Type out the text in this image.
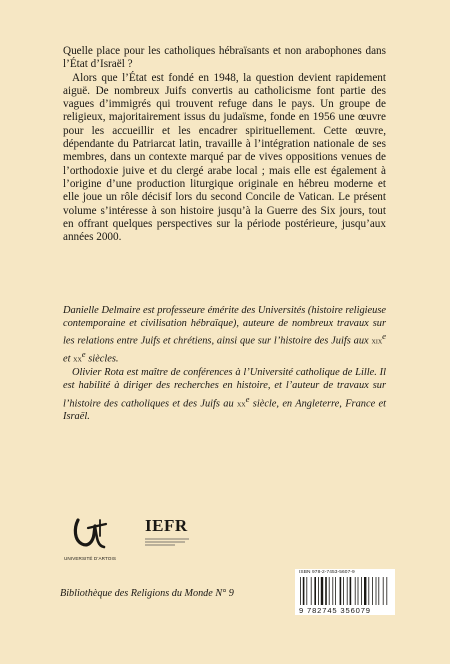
Quelle place pour les catholiques hébraïsants et non arabophones dans l’État d’Israël ?

Alors que l’État est fondé en 1948, la question devient rapidement aiguë. De nombreux Juifs convertis au catholicisme font partie des vagues d’immigrés qui trouvent refuge dans le pays. Un groupe de religieux, majoritairement issus du judaïsme, fonde en 1956 une œuvre pour les accueillir et les encadrer spirituellement. Cette œuvre, dépendante du Patriarcat latin, travaille à l’intégration nationale de ses membres, dans un contexte marqué par de vives oppositions venues de l’orthodoxie juive et du clergé arabe local ; mais elle est également à l’origine d’une production liturgique originale en hébreu moderne et elle joue un rôle décisif lors du second Concile de Vatican. Le présent volume s’intéresse à son histoire jusqu’à la Guerre des Six jours, tout en offrant quelques perspectives sur la période postérieure, jusqu’aux années 2000.

Danielle Delmaire est professeure émérite des Universités (histoire religieuse contemporaine et civilisation hébraïque), auteure de nombreux travaux sur les relations entre Juifs et chrétiens, ainsi que sur l’histoire des Juifs aux xix$^e$ et $xx^e$ siècles.

Olivier Rota est maître de conférences à l’Université catholique de Lille. Il est habilité à diriger des recherches en histoire, et l’auteur de travaux sur l’histoire des catholiques et des Juifs au $xx^e$ siècle, en Angleterre, France et Israël.

UNIVERSITÉ D’ARTOIS
IEFR
ISBN 978-2-7453-5607-9
9 782745 356079
Bibliothèque des Religions du Monde N° 9
